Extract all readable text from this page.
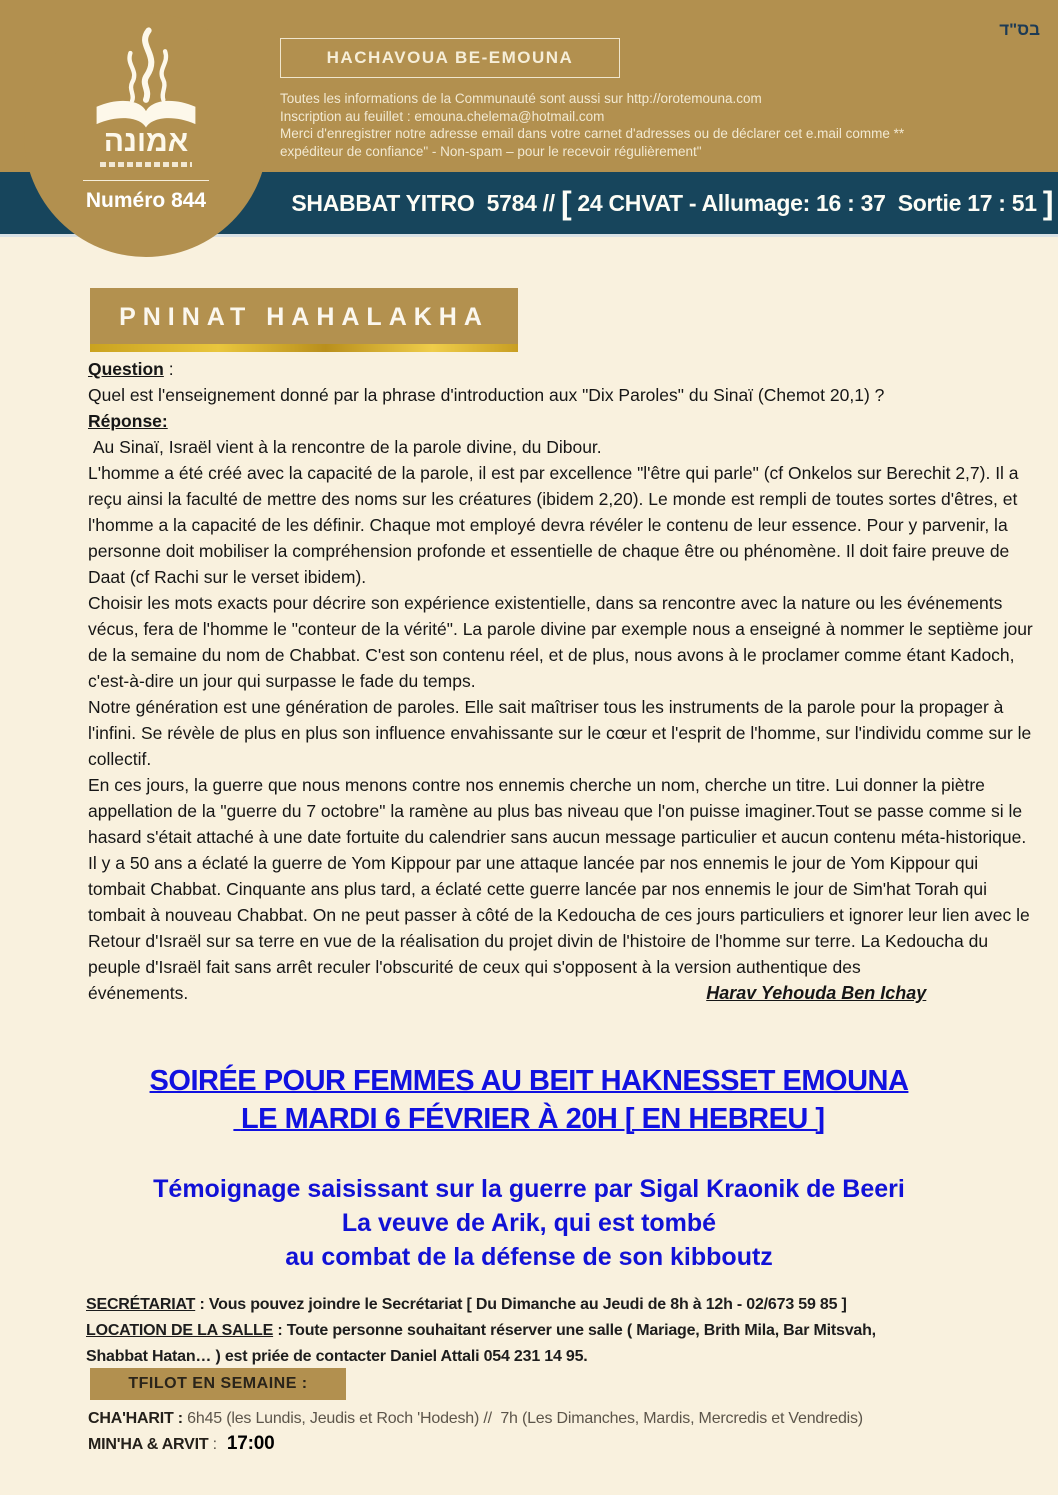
בס"ד
HACHAVOUA BE-EMOUNA
Toutes les informations de la Communauté sont aussi sur http://orotemouna.com
Inscription au feuillet : emouna.chelema@hotmail.com
Merci d'enregistrer notre adresse email dans votre carnet d'adresses ou de déclarer cet e.mail comme **
expéditeur de confiance" - Non-spam – pour le recevoir régulièrement"

SHABBAT YITRO  5784 // [ 24 CHVAT - Allumage: 16 : 37  Sortie 17 : 51 ]

אמונה
Numéro 844
PNINAT HAHALAKHA

Question :

Quel est l'enseignement donné par la phrase d'introduction aux "Dix Paroles" du Sinaï (Chemot 20,1) ?

Réponse:

Au Sinaï, Israël vient à la rencontre de la parole divine, du Dibour.

L'homme a été créé avec la capacité de la parole, il est par excellence "l'être qui parle" (cf Onkelos sur Berechit 2,7). Il a reçu ainsi la faculté de mettre des noms sur les créatures (ibidem 2,20). Le monde est rempli de toutes sortes d'êtres, et l'homme a la capacité de les définir. Chaque mot employé devra révéler le contenu de leur essence. Pour y parvenir, la personne doit mobiliser la compréhension profonde et essentielle de chaque être ou phénomène. Il doit faire preuve de Daat (cf Rachi sur le verset ibidem).

Choisir les mots exacts pour décrire son expérience existentielle, dans sa rencontre avec la nature ou les événements vécus, fera de l'homme le "conteur de la vérité". La parole divine par exemple nous a enseigné à nommer le septième jour de la semaine du nom de Chabbat. C'est son contenu réel, et de plus, nous avons à le proclamer comme étant Kadoch, c'est-à-dire un jour qui surpasse le fade du temps.

Notre génération est une génération de paroles. Elle sait maîtriser tous les instruments de la parole pour la propager à l'infini. Se révèle de plus en plus son influence envahissante sur le cœur et l'esprit de l'homme, sur l'individu comme sur le collectif.

En ces jours, la guerre que nous menons contre nos ennemis cherche un nom, cherche un titre. Lui donner la piètre appellation de la "guerre du 7 octobre" la ramène au plus bas niveau que l'on puisse imaginer.Tout se passe comme si le hasard s'était attaché à une date fortuite du calendrier sans aucun message particulier et aucun contenu méta-historique.

Il y a 50 ans a éclaté la guerre de Yom Kippour par une attaque lancée par nos ennemis le jour de Yom Kippour qui tombait Chabbat. Cinquante ans plus tard, a éclaté cette guerre lancée par nos ennemis le jour de Sim'hat Torah qui tombait à nouveau Chabbat. On ne peut passer à côté de la Kedoucha de ces jours particuliers et ignorer leur lien avec le Retour d'Israël sur sa terre en vue de la réalisation du projet divin de l'histoire de l'homme sur terre. La Kedoucha du peuple d'Israël fait sans arrêt reculer l'obscurité de ceux qui s'opposent à la version authentique des

événements.	Harav Yehouda Ben Ichay
SOIRÉE POUR FEMMES AU BEIT HAKNESSET EMOUNA
LE MARDI 6 FÉVRIER À 20H [ EN HEBREU ]
Témoignage saisissant sur la guerre par Sigal Kraonik de Beeri
La veuve de Arik, qui est tombé
au combat de la défense de son kibboutz
SECRÉTARIAT : Vous pouvez joindre le Secrétariat [ Du Dimanche au Jeudi de 8h à 12h - 02/673 59 85 ]
LOCATION DE LA SALLE : Toute personne souhaitant réserver une salle ( Mariage, Brith Mila, Bar Mitsvah,
Shabbat Hatan… ) est priée de contacter Daniel Attali 054 231 14 95.
TFILOT EN SEMAINE :
CHA'HARIT : 6h45 (les Lundis, Jeudis et Roch 'Hodesh) //  7h (Les Dimanches, Mardis, Mercredis et Vendredis)
MIN'HA & ARVIT : 17:00
